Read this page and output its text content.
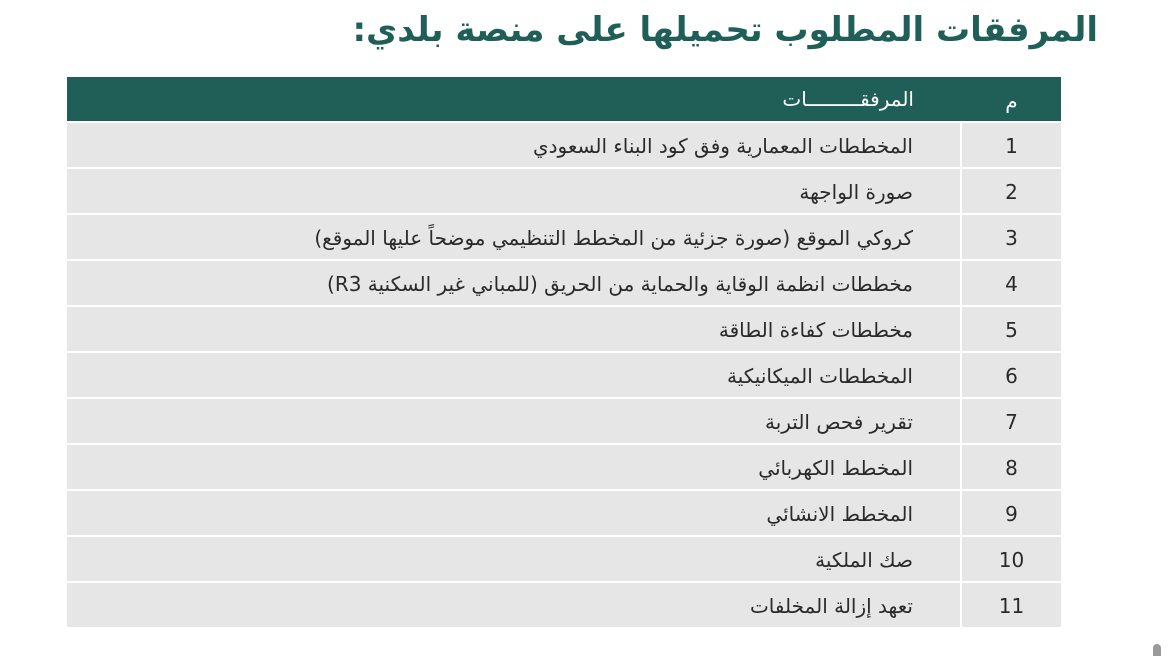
المرفقات المطلوب تحميلها على منصة بلدي:
المرفقـــــــــات	م
المخططات المعمارية وفق كود البناء السعودي	1
صورة الواجهة	2
كروكي الموقع (صورة جزئية من المخطط التنظيمي موضحاً عليها الموقع)	3
مخططات انظمة الوقاية والحماية من الحريق (للمباني غير السكنية R3)	4
مخططات كفاءة الطاقة	5
المخططات الميكانيكية	6
تقرير فحص التربة	7
المخطط الكهربائي	8
المخطط الانشائي	9
صك الملكية	10
تعهد إزالة المخلفات	11
